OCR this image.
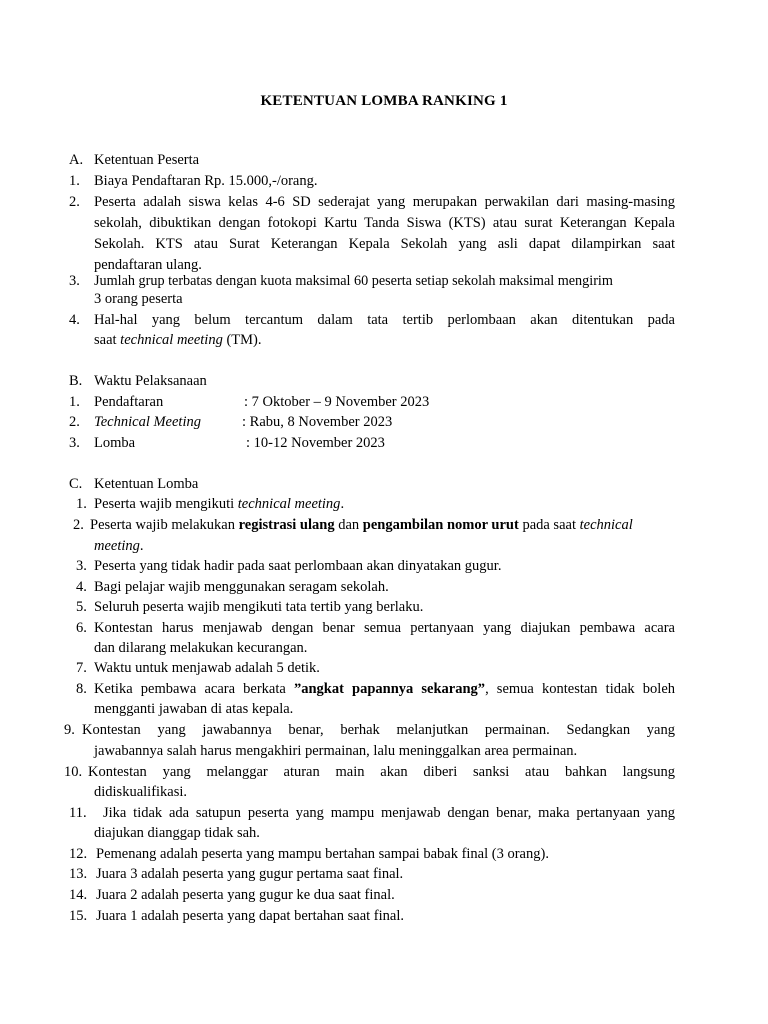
KETENTUAN LOMBA RANKING 1
A. Ketentuan Peserta
1. Biaya Pendaftaran Rp. 15.000,-/orang.
2. Peserta adalah siswa kelas 4-6 SD sederajat yang merupakan perwakilan dari masing-masing
sekolah, dibuktikan dengan fotokopi Kartu Tanda Siswa (KTS) atau surat Keterangan Kepala
Sekolah. KTS atau Surat Keterangan Kepala Sekolah yang asli dapat dilampirkan saat
pendaftaran ulang.
3. Jumlah grup terbatas dengan kuota maksimal 60 peserta setiap sekolah maksimal mengirim
3 orang peserta
4. Hal-hal yang belum tercantum dalam tata tertib perlombaan akan ditentukan pada
saat technical meeting (TM).
B. Waktu Pelaksanaan
1. Pendaftaran	: 7 Oktober – 9 November 2023
2. Technical Meeting	: Rabu, 8 November 2023
3. Lomba	: 10-12 November 2023
C. Ketentuan Lomba
1. Peserta wajib mengikuti technical meeting.
2. Peserta wajib melakukan registrasi ulang dan pengambilan nomor urut pada saat technical
meeting.
3. Peserta yang tidak hadir pada saat perlombaan akan dinyatakan gugur.
4. Bagi pelajar wajib menggunakan seragam sekolah.
5. Seluruh peserta wajib mengikuti tata tertib yang berlaku.
6. Kontestan harus menjawab dengan benar semua pertanyaan yang diajukan pembawa acara
dan dilarang melakukan kecurangan.
7. Waktu untuk menjawab adalah 5 detik.
8. Ketika pembawa acara berkata ”angkat papannya sekarang”, semua kontestan tidak boleh
mengganti jawaban di atas kepala.
9. Kontestan yang jawabannya benar, berhak melanjutkan permainan. Sedangkan yang
jawabannya salah harus mengakhiri permainan, lalu meninggalkan area permainan.
10. Kontestan yang melanggar aturan main akan diberi sanksi atau bahkan langsung
didiskualifikasi.
11. Jika tidak ada satupun peserta yang mampu menjawab dengan benar, maka pertanyaan yang
diajukan dianggap tidak sah.
12. Pemenang adalah peserta yang mampu bertahan sampai babak final (3 orang).
13. Juara 3 adalah peserta yang gugur pertama saat final.
14. Juara 2 adalah peserta yang gugur ke dua saat final.
15. Juara 1 adalah peserta yang dapat bertahan saat final.
